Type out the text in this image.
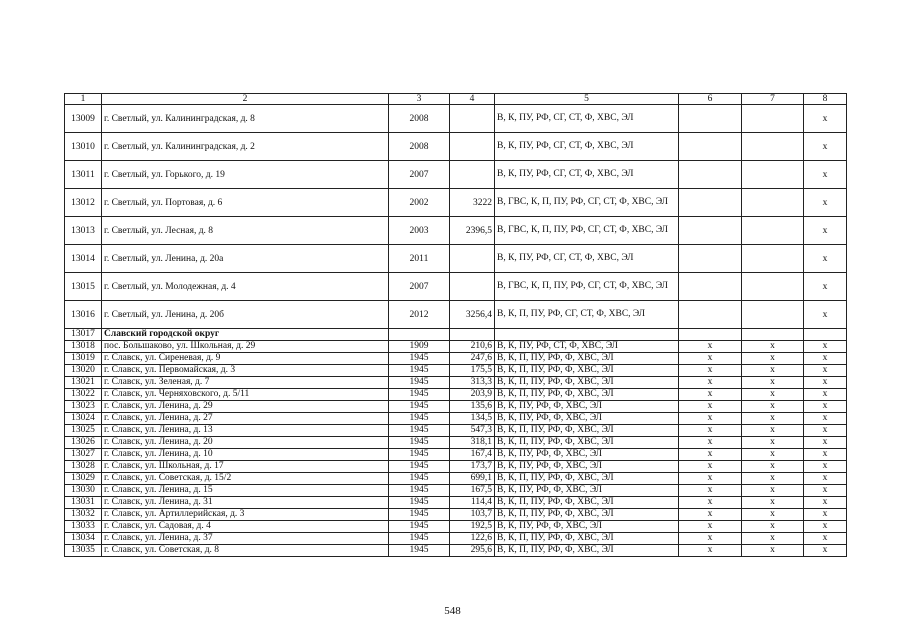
1	2	3	4	5	6	7	8
13009	г. Светлый, ул. Калининградская, д. 8	2008		В, К, ПУ, РФ, СГ, СТ, Ф, ХВС, ЭЛ			х
13010	г. Светлый, ул. Калининградская, д. 2	2008		В, К, ПУ, РФ, СГ, СТ, Ф, ХВС, ЭЛ			х
13011	г. Светлый, ул. Горького, д. 19	2007		В, К, ПУ, РФ, СГ, СТ, Ф, ХВС, ЭЛ			х
13012	г. Светлый, ул. Портовая, д. 6	2002	3222	В, ГВС, К, П, ПУ, РФ, СГ, СТ, Ф, ХВС, ЭЛ			х
13013	г. Светлый, ул. Лесная, д. 8	2003	2396,5	В, ГВС, К, П, ПУ, РФ, СГ, СТ, Ф, ХВС, ЭЛ			х
13014	г. Светлый, ул. Ленина, д. 20а	2011		В, К, ПУ, РФ, СГ, СТ, Ф, ХВС, ЭЛ			х
13015	г. Светлый, ул. Молодежная, д. 4	2007		В, ГВС, К, П, ПУ, РФ, СГ, СТ, Ф, ХВС, ЭЛ			х
13016	г. Светлый, ул. Ленина, д. 20б	2012	3256,4	В, К, П, ПУ, РФ, СГ, СТ, Ф, ХВС, ЭЛ			х
13017	Славский городской округ						
13018	пос. Большаково, ул. Школьная, д. 29	1909	210,6	В, К, ПУ, РФ, СТ, Ф, ХВС, ЭЛ	х	х	х
13019	г. Славск, ул. Сиреневая, д. 9	1945	247,6	В, К, П, ПУ, РФ, Ф, ХВС, ЭЛ	х	х	х
13020	г. Славск, ул. Первомайская, д. 3	1945	175,5	В, К, П, ПУ, РФ, Ф, ХВС, ЭЛ	х	х	х
13021	г. Славск, ул. Зеленая, д. 7	1945	313,3	В, К, П, ПУ, РФ, Ф, ХВС, ЭЛ	х	х	х
13022	г. Славск, ул. Черняховского, д. 5/11	1945	203,9	В, К, П, ПУ, РФ, Ф, ХВС, ЭЛ	х	х	х
13023	г. Славск, ул. Ленина, д. 29	1945	135,6	В, К, ПУ, РФ, Ф, ХВС, ЭЛ	х	х	х
13024	г. Славск, ул. Ленина, д. 27	1945	134,5	В, К, ПУ, РФ, Ф, ХВС, ЭЛ	х	х	х
13025	г. Славск, ул. Ленина, д. 13	1945	547,3	В, К, П, ПУ, РФ, Ф, ХВС, ЭЛ	х	х	х
13026	г. Славск, ул. Ленина, д. 20	1945	318,1	В, К, П, ПУ, РФ, Ф, ХВС, ЭЛ	х	х	х
13027	г. Славск, ул. Ленина, д. 10	1945	167,4	В, К, ПУ, РФ, Ф, ХВС, ЭЛ	х	х	х
13028	г. Славск, ул. Школьная, д. 17	1945	173,7	В, К, ПУ, РФ, Ф, ХВС, ЭЛ	х	х	х
13029	г. Славск, ул. Советская, д. 15/2	1945	699,1	В, К, П, ПУ, РФ, Ф, ХВС, ЭЛ	х	х	х
13030	г. Славск, ул. Ленина, д. 15	1945	167,5	В, К, ПУ, РФ, Ф, ХВС, ЭЛ	х	х	х
13031	г. Славск, ул. Ленина, д. 31	1945	114,4	В, К, П, ПУ, РФ, Ф, ХВС, ЭЛ	х	х	х
13032	г. Славск, ул. Артиллерийская, д. 3	1945	103,7	В, К, П, ПУ, РФ, Ф, ХВС, ЭЛ	х	х	х
13033	г. Славск, ул. Садовая, д. 4	1945	192,5	В, К, ПУ, РФ, Ф, ХВС, ЭЛ	х	х	х
13034	г. Славск, ул. Ленина, д. 37	1945	122,6	В, К, П, ПУ, РФ, Ф, ХВС, ЭЛ	х	х	х
13035	г. Славск, ул. Советская, д. 8	1945	295,6	В, К, П, ПУ, РФ, Ф, ХВС, ЭЛ	х	х	х
548
